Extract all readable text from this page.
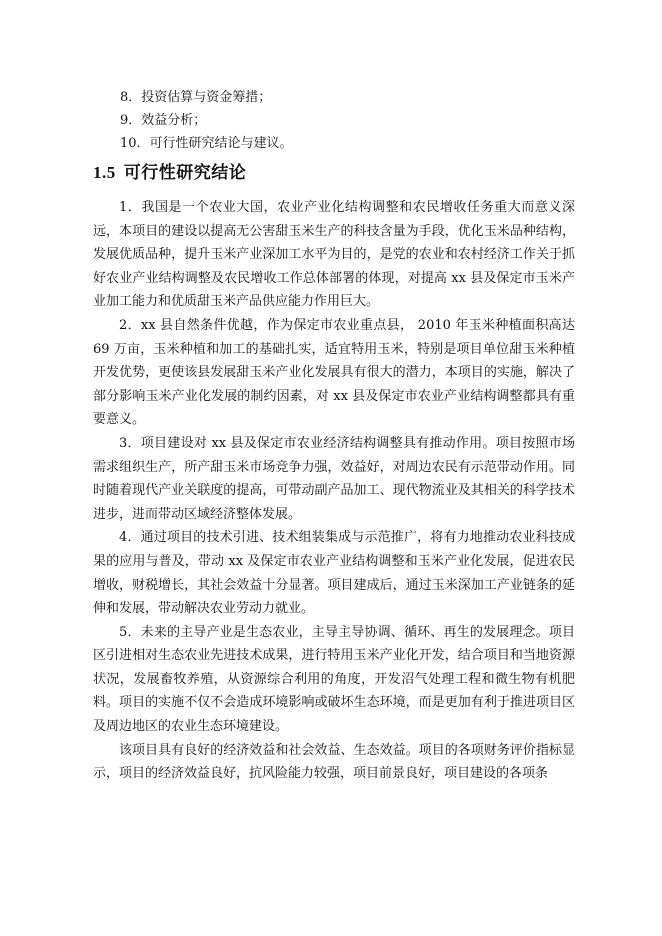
8．投资估算与资金筹措；
9．效益分析；
10．可行性研究结论与建议。
1.5 可行性研究结论

1．我国是一个农业大国，农业产业化结构调整和农民增收任务重大而意义深远，本项目的建设以提高无公害甜玉米生产的科技含量为手段，优化玉米品种结构，发展优质品种，提升玉米产业深加工水平为目的，是党的农业和农村经济工作关于抓好农业产业结构调整及农民增收工作总体部署的体现，对提高 xx 县及保定市玉米产业加工能力和优质甜玉米产品供应能力作用巨大。

2．xx 县自然条件优越，作为保定市农业重点县， 2010 年玉米种植面积高达 69 万亩，玉米种植和加工的基础扎实，适宜特用玉米，特别是项目单位甜玉米种植开发优势，更使该县发展甜玉米产业化发展具有很大的潜力，本项目的实施，解决了部分影响玉米产业化发展的制约因素，对 xx 县及保定市农业产业结构调整都具有重要意义。

3．项目建设对 xx 县及保定市农业经济结构调整具有推动作用。项目按照市场需求组织生产，所产甜玉米市场竞争力强，效益好，对周边农民有示范带动作用。同时随着现代产业关联度的提高，可带动副产品加工、现代物流业及其相关的科学技术进步，进而带动区域经济整体发展。

4．通过项目的技术引进、技术组装集成与示范推广，将有力地推动农业科技成果的应用与普及，带动 xx 及保定市农业产业结构调整和玉米产业化发展，促进农民增收，财税增长，其社会效益十分显著。项目建成后，通过玉米深加工产业链条的延伸和发展，带动解决农业劳动力就业。

5．未来的主导产业是生态农业，主导主导协调、循环、再生的发展理念。项目区引进相对生态农业先进技术成果，进行特用玉米产业化开发，结合项目和当地资源状况，发展畜牧养殖，从资源综合利用的角度，开发沼气处理工程和微生物有机肥料。项目的实施不仅不会造成环境影响或破坏生态环境，而是更加有利于推进项目区及周边地区的农业生态环境建设。

该项目具有良好的经济效益和社会效益、生态效益。项目的各项财务评价指标显示，项目的经济效益良好，抗风险能力较强，项目前景良好，项目建设的各项条
